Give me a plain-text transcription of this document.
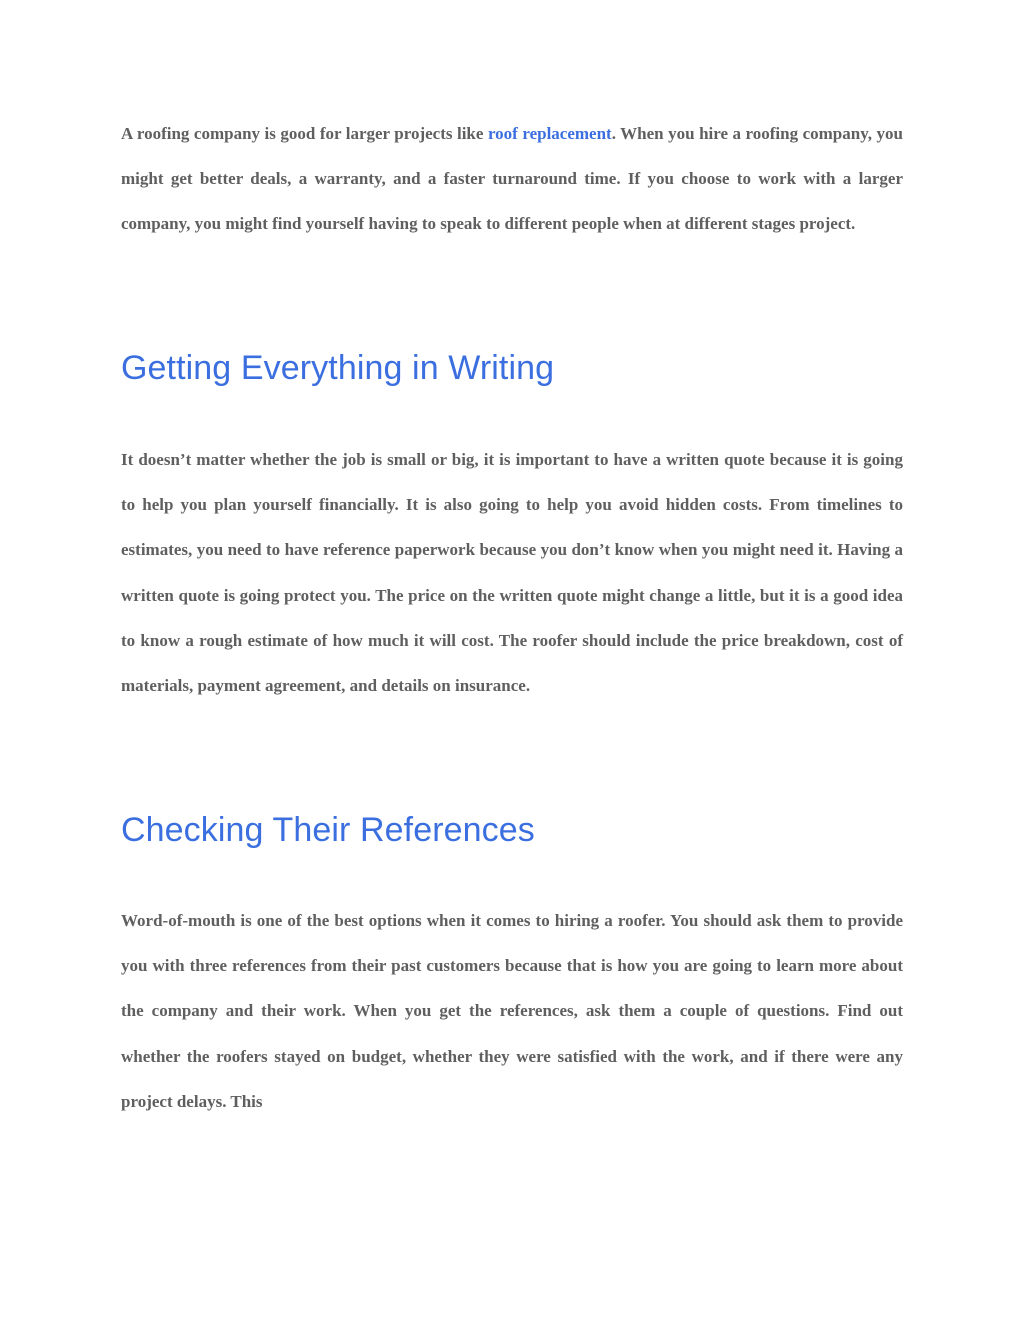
A roofing company is good for larger projects like roof replacement. When you hire a roofing company, you might get better deals, a warranty, and a faster turnaround time. If you choose to work with a larger company, you might find yourself having to speak to different people when at different stages project.

Getting Everything in Writing

It doesn’t matter whether the job is small or big, it is important to have a written quote because it is going to help you plan yourself financially. It is also going to help you avoid hidden costs. From timelines to estimates, you need to have reference paperwork because you don’t know when you might need it. Having a written quote is going protect you. The price on the written quote might change a little, but it is a good idea to know a rough estimate of how much it will cost. The roofer should include the price breakdown, cost of materials, payment agreement, and details on insurance.

Checking Their References

Word-of-mouth is one of the best options when it comes to hiring a roofer. You should ask them to provide you with three references from their past customers because that is how you are going to learn more about the company and their work. When you get the references, ask them a couple of questions. Find out whether the roofers stayed on budget, whether they were satisfied with the work, and if there were any project delays. This
